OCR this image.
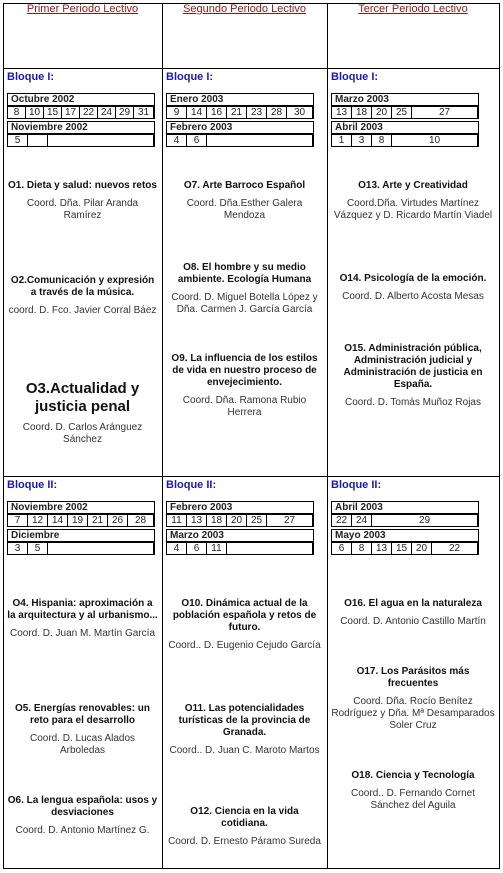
Primer Periodo Lectivo	Segundo Periodo Lectivo	Tercer Periodo Lectivo
Bloque I:
Bloque II:
Octubre 2002
8 10 15 17 22 24 29 31
Noviembre 2002
5
Noviembre 2002
7	12 14 19 21 26	28
Diciembre
3	5
O1. Dieta y salud: nuevos retos
Coord. Dña. Pilar Aranda Ramírez
O2.Comunicación y expresión a través de la música.
coord. D. Fco. Javier Corral Báez
O3.Actualidad y justicia penal
Coord. D. Carlos Aránguez Sánchez
O4. Hispania: aproximación a la arquitectura y al urbanismo...
Coord. D. Juan M. Martín García
O5. Energías renovables: un reto para el desarrollo
Coord. D. Lucas Alados Arboledas
O6. La lengua española: usos y desviaciones
Coord. D. Antonio Martínez G.
Bloque I:
Bloque II:
Enero 2003
9	14 16 21 23 28	30
Febrero 2003
4	6
Febrero 2003
11 13 18 20 25	27
Marzo 2003
4	6	11
O7. Arte Barroco Español
Coord. Dña.Esther Galera Mendoza
O8. El hombre y su medio ambiente. Ecología Humana
Coord. D. Miguel Botella López y Dña. Carmen J. García García
O9. La influencia de los estilos de vida en nuestro proceso de envejecimiento.
Coord. Dña. Ramona Rubio Herrera
O10. Dinámica actual de la población española y retos de futuro.
Coord.. D. Eugenio Cejudo García
O11. Las potencialidades turísticas de la provincia de Granada.
Coord.. D. Juan C. Maroto Martos
O12. Ciencia en la vida cotidiana.
Coord. D. Ernesto Páramo Sureda
Bloque I:
Bloque II:
Marzo 2003
13 18 20 25	27
Abril 2003
1	3	8	10
Abril 2003
22 24	29
Mayo 2003
6	8	13 15 20	22
O13. Arte y Creatividad
Coord.Dña. Virtudes Martínez Vázquez y D. Ricardo Martín Viadel
O14. Psicología de la emoción.
Coord. D. Alberto Acosta Mesas
O15. Administración pública, Administración judicial y Administración de justicia en España.
Coord. D. Tomás Muñoz Rojas
O16. El agua en la naturaleza
Coord. D. Antonio Castillo Martín
O17. Los Parásitos más frecuentes
Coord. Dña. Rocío Benítez Rodríguez y Dña. Mª Desamparados Soler Cruz
O18. Ciencia y Tecnología
Coord.. D. Fernando Cornet Sánchez del Aguila
